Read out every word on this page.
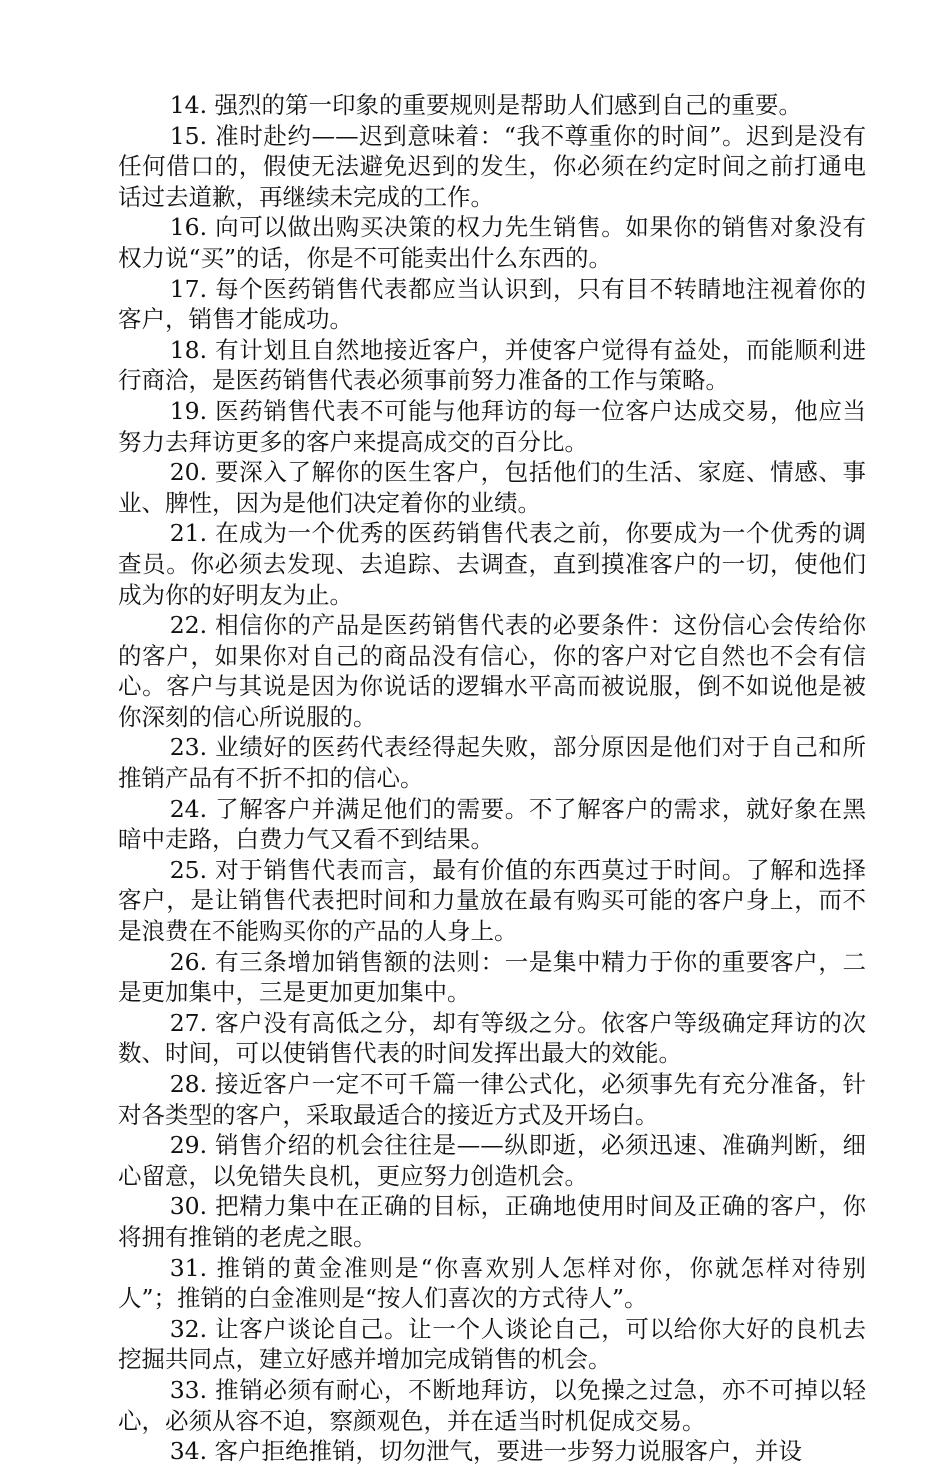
14. 强烈的第一印象的重要规则是帮助人们感到自己的重要。

15. 准时赴约——迟到意味着：“我不尊重你的时间”。迟到是没有任何借口的，假使无法避免迟到的发生，你必须在约定时间之前打通电话过去道歉，再继续未完成的工作。

16. 向可以做出购买决策的权力先生销售。如果你的销售对象没有权力说“买”的话，你是不可能卖出什么东西的。

17. 每个医药销售代表都应当认识到，只有目不转睛地注视着你的客户，销售才能成功。

18. 有计划且自然地接近客户，并使客户觉得有益处，而能顺利进行商洽，是医药销售代表必须事前努力准备的工作与策略。

19. 医药销售代表不可能与他拜访的每一位客户达成交易，他应当努力去拜访更多的客户来提高成交的百分比。

20. 要深入了解你的医生客户，包括他们的生活、家庭、情感、事业、脾性，因为是他们决定着你的业绩。

21. 在成为一个优秀的医药销售代表之前，你要成为一个优秀的调查员。你必须去发现、去追踪、去调查，直到摸准客户的一切，使他们成为你的好明友为止。

22. 相信你的产品是医药销售代表的必要条件：这份信心会传给你的客户，如果你对自己的商品没有信心，你的客户对它自然也不会有信心。客户与其说是因为你说话的逻辑水平高而被说服，倒不如说他是被你深刻的信心所说服的。

23. 业绩好的医药代表经得起失败，部分原因是他们对于自己和所推销产品有不折不扣的信心。

24. 了解客户并满足他们的需要。不了解客户的需求，就好象在黑暗中走路，白费力气又看不到结果。

25. 对于销售代表而言，最有价值的东西莫过于时间。了解和选择客户，是让销售代表把时间和力量放在最有购买可能的客户身上，而不是浪费在不能购买你的产品的人身上。

26. 有三条增加销售额的法则：一是集中精力于你的重要客户，二是更加集中，三是更加更加集中。

27. 客户没有高低之分，却有等级之分。依客户等级确定拜访的次数、时间，可以使销售代表的时间发挥出最大的效能。

28. 接近客户一定不可千篇一律公式化，必须事先有充分准备，针对各类型的客户，采取最适合的接近方式及开场白。

29. 销售介绍的机会往往是——纵即逝，必须迅速、准确判断，细心留意，以免错失良机，更应努力创造机会。

30. 把精力集中在正确的目标，正确地使用时间及正确的客户，你将拥有推销的老虎之眼。

31. 推销的黄金准则是“你喜欢别人怎样对你，你就怎样对待别人”；推销的白金准则是“按人们喜次的方式待人”。

32. 让客户谈论自己。让一个人谈论自己，可以给你大好的良机去挖掘共同点，建立好感并增加完成销售的机会。

33. 推销必须有耐心，不断地拜访，以免操之过急，亦不可掉以轻心，必须从容不迫，察颜观色，并在适当时机促成交易。

34. 客户拒绝推销，切勿泄气，要进一步努力说服客户，并设
